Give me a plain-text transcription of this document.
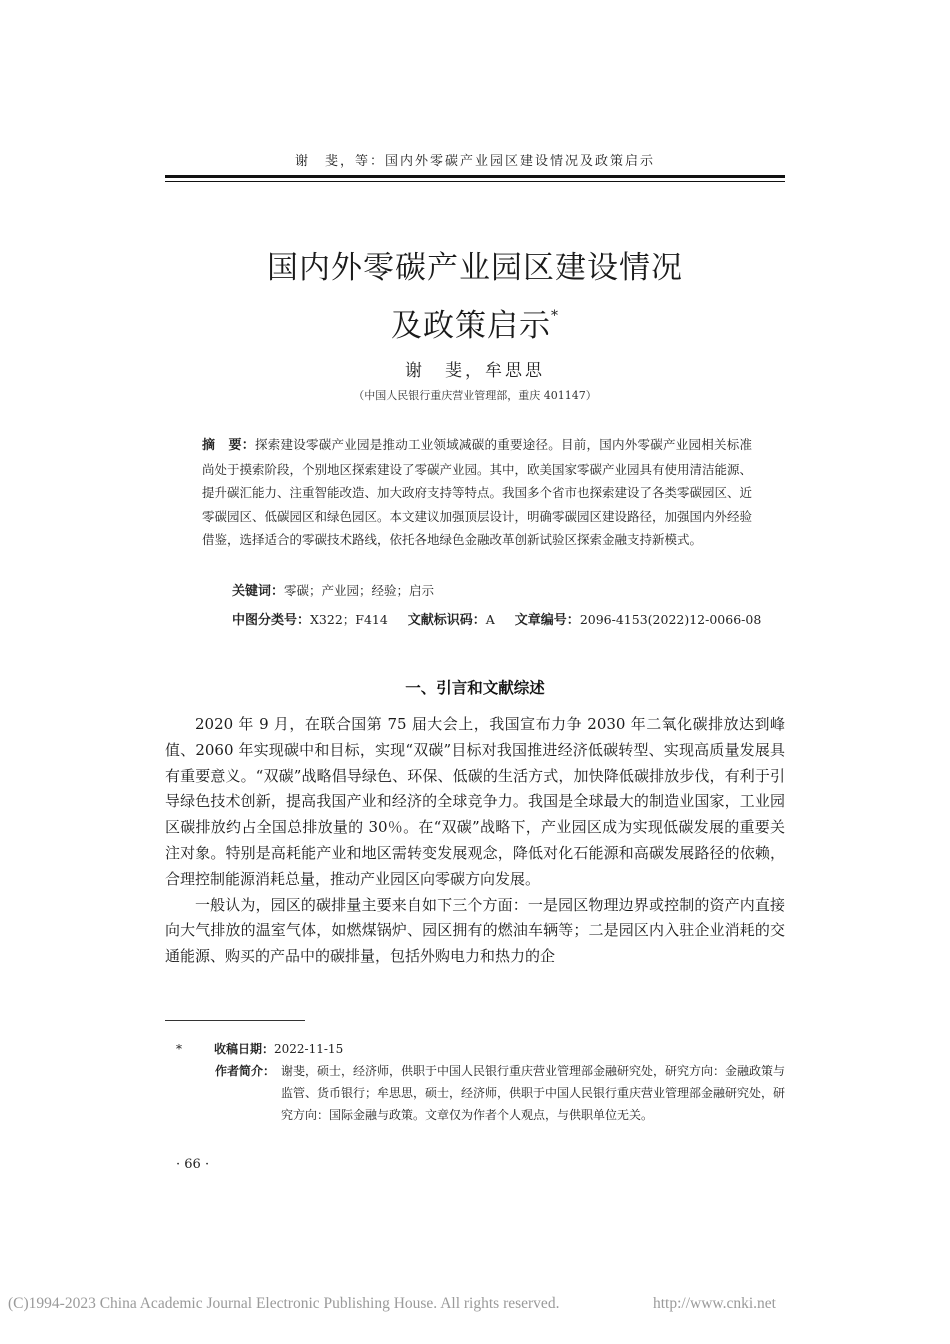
谢　斐，等：国内外零碳产业园区建设情况及政策启示
国内外零碳产业园区建设情况
及政策启示*
谢　斐，牟思思
（中国人民银行重庆营业管理部，重庆 401147）
摘　要：探索建设零碳产业园是推动工业领域减碳的重要途径。目前，国内外零碳产业园相关标准尚处于摸索阶段，个别地区探索建设了零碳产业园。其中，欧美国家零碳产业园具有使用清洁能源、提升碳汇能力、注重智能改造、加大政府支持等特点。我国多个省市也探索建设了各类零碳园区、近零碳园区、低碳园区和绿色园区。本文建议加强顶层设计，明确零碳园区建设路径，加强国内外经验借鉴，选择适合的零碳技术路线，依托各地绿色金融改革创新试验区探索金融支持新模式。
关键词：零碳；产业园；经验；启示
中图分类号：X322；F414 文献标识码：A 文章编号：2096-4153(2022)12-0066-08
一、引言和文献综述

2020 年 9 月，在联合国第 75 届大会上，我国宣布力争 2030 年二氧化碳排放达到峰值、2060 年实现碳中和目标，实现“双碳”目标对我国推进经济低碳转型、实现高质量发展具有重要意义。“双碳”战略倡导绿色、环保、低碳的生活方式，加快降低碳排放步伐，有利于引导绿色技术创新，提高我国产业和经济的全球竞争力。我国是全球最大的制造业国家，工业园区碳排放约占全国总排放量的 30％。在“双碳”战略下，产业园区成为实现低碳发展的重要关注对象。特别是高耗能产业和地区需转变发展观念，降低对化石能源和高碳发展路径的依赖，合理控制能源消耗总量，推动产业园区向零碳方向发展。

一般认为，园区的碳排量主要来自如下三个方面：一是园区物理边界或控制的资产内直接向大气排放的温室气体，如燃煤锅炉、园区拥有的燃油车辆等；二是园区内入驻企业消耗的交通能源、购买的产品中的碳排量，包括外购电力和热力的企

*	收稿日期：2022-11-15
作者简介： 谢斐，硕士，经济师，供职于中国人民银行重庆营业管理部金融研究处，研究方向：金融政策与监管、货币银行；牟思思，硕士，经济师，供职于中国人民银行重庆营业管理部金融研究处，研究方向：国际金融与政策。文章仅为作者个人观点，与供职单位无关。
· 66 ·
(C)1994-2023 China Academic Journal Electronic Publishing House. All rights reserved.	http://www.cnki.net
